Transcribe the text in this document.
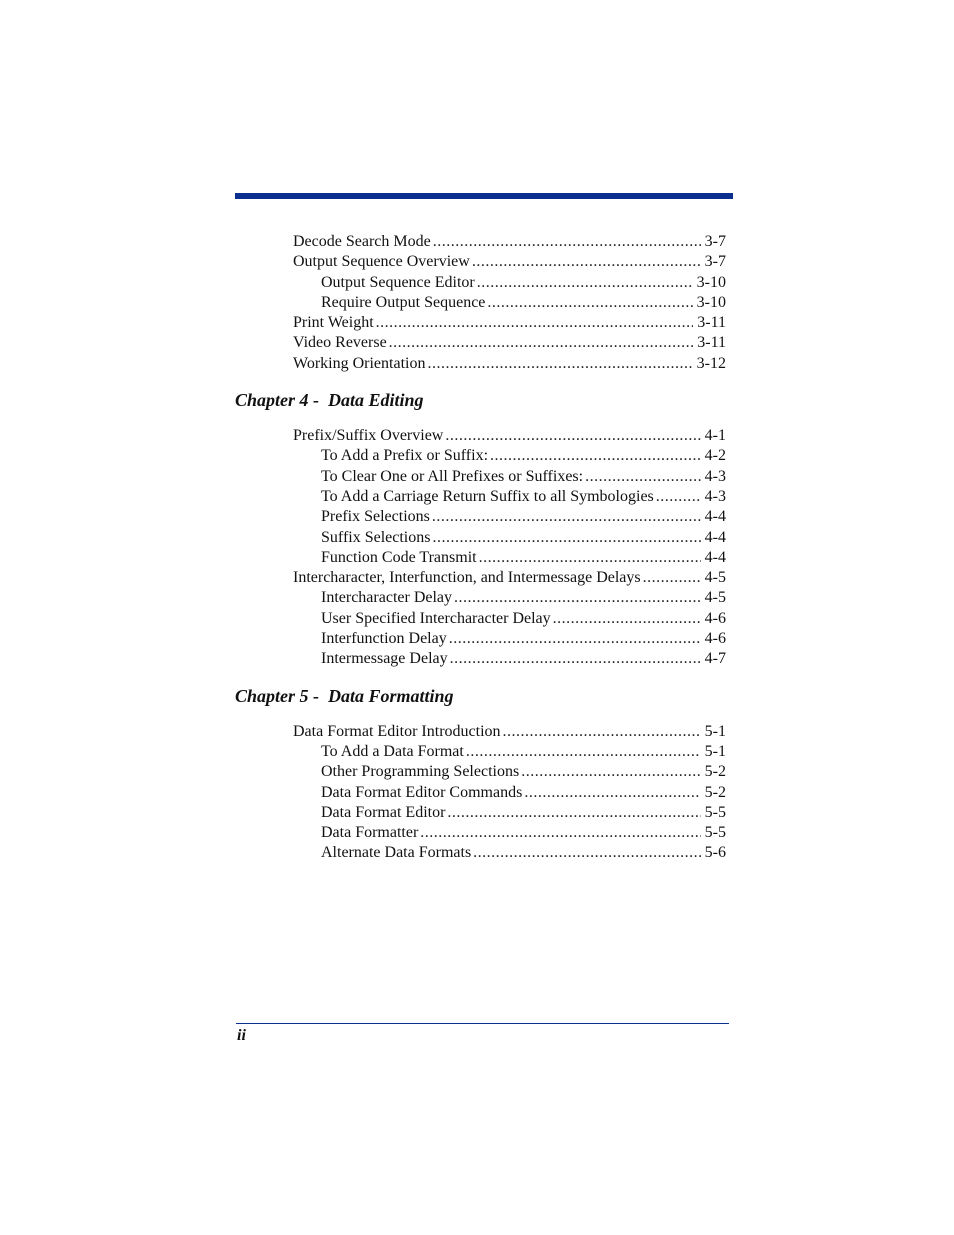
Decode Search Mode .....	3-7
Output Sequence Overview .....	3-7
Output Sequence Editor .....	3-10
Require Output Sequence .....	3-10
Print Weight .....	3-11
Video Reverse .....	3-11
Working Orientation .....	3-12
Chapter 4 -  Data Editing
Prefix/Suffix Overview .....	4-1
To Add a Prefix or Suffix: .....	4-2
To Clear One or All Prefixes or Suffixes: .....	4-3
To Add a Carriage Return Suffix to all Symbologies .....	4-3
Prefix Selections .....	4-4
Suffix Selections .....	4-4
Function Code Transmit .....	4-4
Intercharacter, Interfunction, and Intermessage Delays .....	4-5
Intercharacter Delay .....	4-5
User Specified Intercharacter Delay .....	4-6
Interfunction Delay .....	4-6
Intermessage Delay .....	4-7
Chapter 5 -  Data Formatting
Data Format Editor Introduction .....	5-1
To Add a Data Format .....	5-1
Other Programming Selections .....	5-2
Data Format Editor Commands .....	5-2
Data Format Editor .....	5-5
Data Formatter .....	5-5
Alternate Data Formats .....	5-6
ii
